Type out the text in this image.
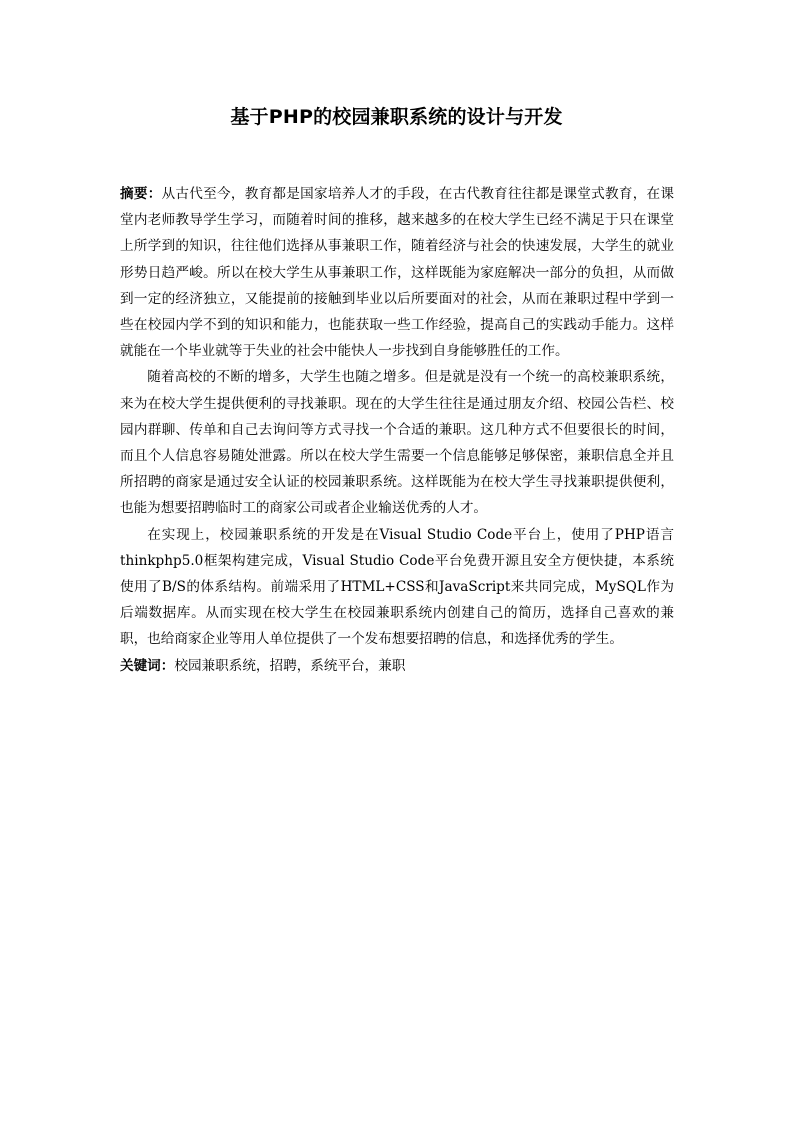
基于PHP的校园兼职系统的设计与开发

摘要：从古代至今，教育都是国家培养人才的手段，在古代教育往往都是课堂式教育，在课堂内老师教导学生学习，而随着时间的推移，越来越多的在校大学生已经不满足于只在课堂上所学到的知识，往往他们选择从事兼职工作，随着经济与社会的快速发展，大学生的就业形势日趋严峻。所以在校大学生从事兼职工作，这样既能为家庭解决一部分的负担，从而做到一定的经济独立，又能提前的接触到毕业以后所要面对的社会，从而在兼职过程中学到一些在校园内学不到的知识和能力，也能获取一些工作经验，提高自己的实践动手能力。这样就能在一个毕业就等于失业的社会中能快人一步找到自身能够胜任的工作。

随着高校的不断的增多，大学生也随之增多。但是就是没有一个统一的高校兼职系统，来为在校大学生提供便利的寻找兼职。现在的大学生往往是通过朋友介绍、校园公告栏、校园内群聊、传单和自己去询问等方式寻找一个合适的兼职。这几种方式不但要很长的时间，而且个人信息容易随处泄露。所以在校大学生需要一个信息能够足够保密，兼职信息全并且所招聘的商家是通过安全认证的校园兼职系统。这样既能为在校大学生寻找兼职提供便利，也能为想要招聘临时工的商家公司或者企业输送优秀的人才。

在实现上，校园兼职系统的开发是在Visual Studio Code平台上，使用了PHP语言thinkphp5.0框架构建完成，Visual Studio Code平台免费开源且安全方便快捷，本系统使用了B/S的体系结构。前端采用了HTML+CSS和JavaScript来共同完成，MySQL作为后端数据库。从而实现在校大学生在校园兼职系统内创建自己的简历，选择自己喜欢的兼职，也给商家企业等用人单位提供了一个发布想要招聘的信息，和选择优秀的学生。

关键词：校园兼职系统，招聘，系统平台，兼职
